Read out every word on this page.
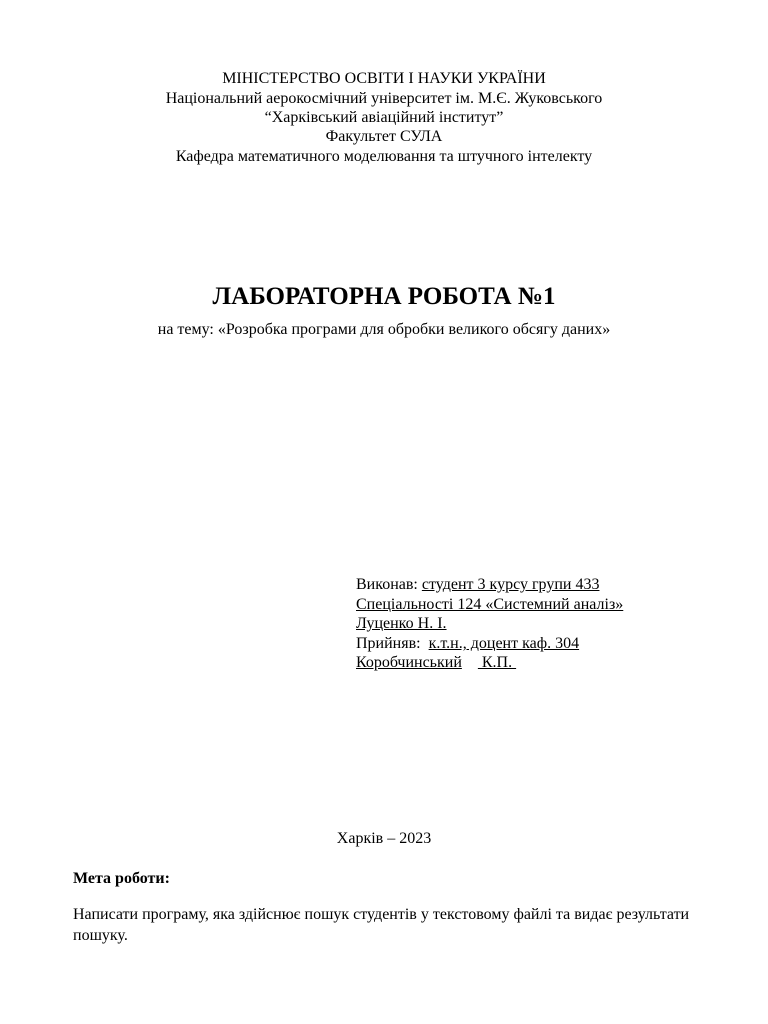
МІНІСТЕРСТВО ОСВІТИ І НАУКИ УКРАЇНИ
Національний аерокосмічний університет ім. М.Є. Жуковського
“Харківський авіаційний інститут”
Факультет СУЛА
Кафедра математичного моделювання та штучного інтелекту
ЛАБОРАТОРНА РОБОТА №1
на тему: «Розробка програми для обробки великого обсягу даних»
Виконав: студент 3 курсу групи 433
Спеціальності 124 «Системний аналіз»
Луценко Н. І.
Прийняв:  к.т.н., доцент каф. 304
Коробчинський     К.П.
Харків – 2023
Мета роботи:
Написати програму, яка здійснює пошук студентів у текстовому файлі та видає результати пошуку.
